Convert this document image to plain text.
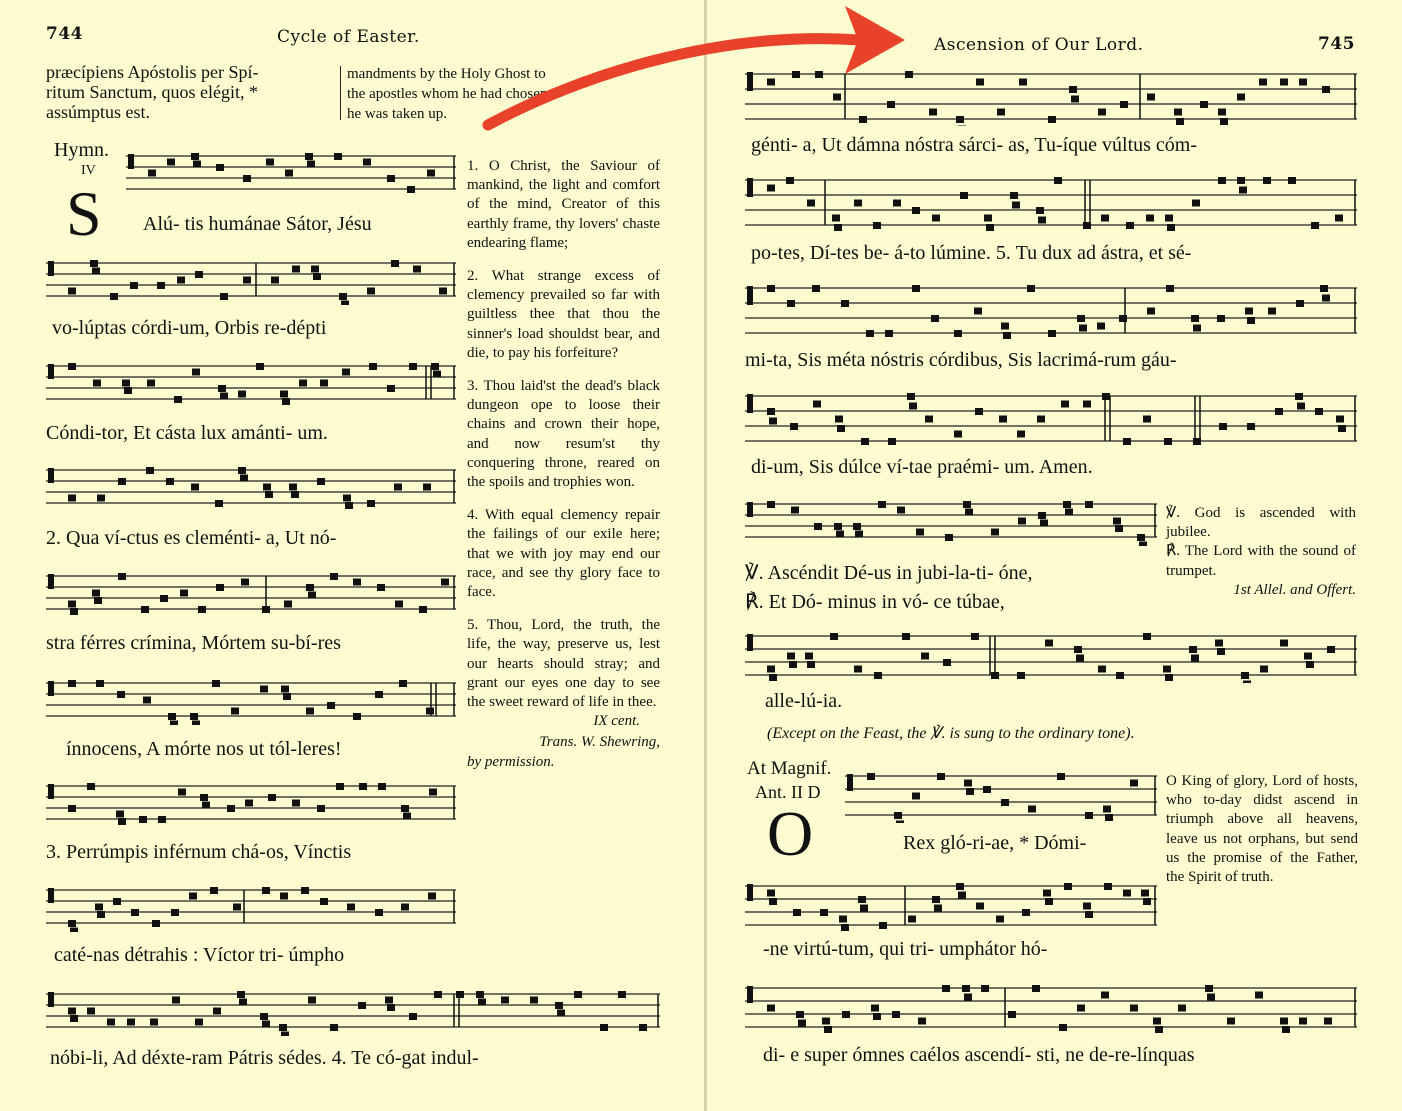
744	Cycle of Easter.
præcípiens Apóstolis per Spí-
ritum Sanctum, quos elégit, *
assúmptus est.
mandments by the Holy Ghost to
the apostles whom he had chosen,
he was taken up.
Hymn.
IV
S Alú- tis humánae Sátor, Jésu
vo-lúptas córdi-um, Orbis re-dépti
Cóndi-tor, Et cásta lux amánti- um.
2. Qua ví-ctus es cleménti- a, Ut nó-
stra férres crímina, Mórtem su-bí-res
ínnocens, A mórte nos ut tól-leres!
3. Perrúmpis inférnum chá-os, Vínctis
caté-nas détrahis : Víctor tri- úmpho
nóbi-li, Ad déxte-ram Pátris sédes. 4. Te có-gat indul-

1. O Christ, the Saviour of mankind, the light and comfort of the mind, Creator of this earthly frame, thy lovers' chaste endearing flame;

2. What strange excess of clemency prevailed so far with guiltless thee that thou the sinner's load shouldst bear, and die, to pay his forfeiture?

3. Thou laid'st the dead's black dungeon ope to loose their chains and crown their hope, and now resum'st thy conquering throne, reared on the spoils and trophies won.

4. With equal clemency repair the failings of our exile here; that we with joy may end our race, and see thy glory face to face.

5. Thou, Lord, the truth, the life, the way, preserve us, lest our hearts should stray; and grant our eyes one day to see the sweet reward of life in thee.

IX cent.

Trans. W. Shewring,

by permission.

Ascension of Our Lord.	745
génti- a, Ut dámna nóstra sárci- as, Tu-íque vúltus cóm-
po-tes, Dí-tes be- á-to lúmine. 5. Tu dux ad ástra, et sé-
mi-ta, Sis méta nóstris córdibus, Sis lacrimá-rum gáu-
di-um, Sis dúlce ví-tae praémi- um. Amen.
℣. Ascéndit Dé-us in jubi-la-ti- óne,
℟. Et Dó- minus in vó- ce túbae,

℣. God is ascended with jubilee.

℟. The Lord with the sound of trumpet.

1st Allel. and Offert.

alle-lú-ia.
(Except on the Feast, the ℣. is sung to the ordinary tone).
At Magnif.
Ant. II D
O	Rex gló-ri-ae, * Dómi-
-ne virtú-tum, qui tri- umphátor hó-
di- e super ómnes caélos ascendí- sti, ne de-re-línquas

O King of glory, Lord of hosts, who to-day didst ascend in triumph above all heavens, leave us not orphans, but send us the promise of the Father, the Spirit of truth.
